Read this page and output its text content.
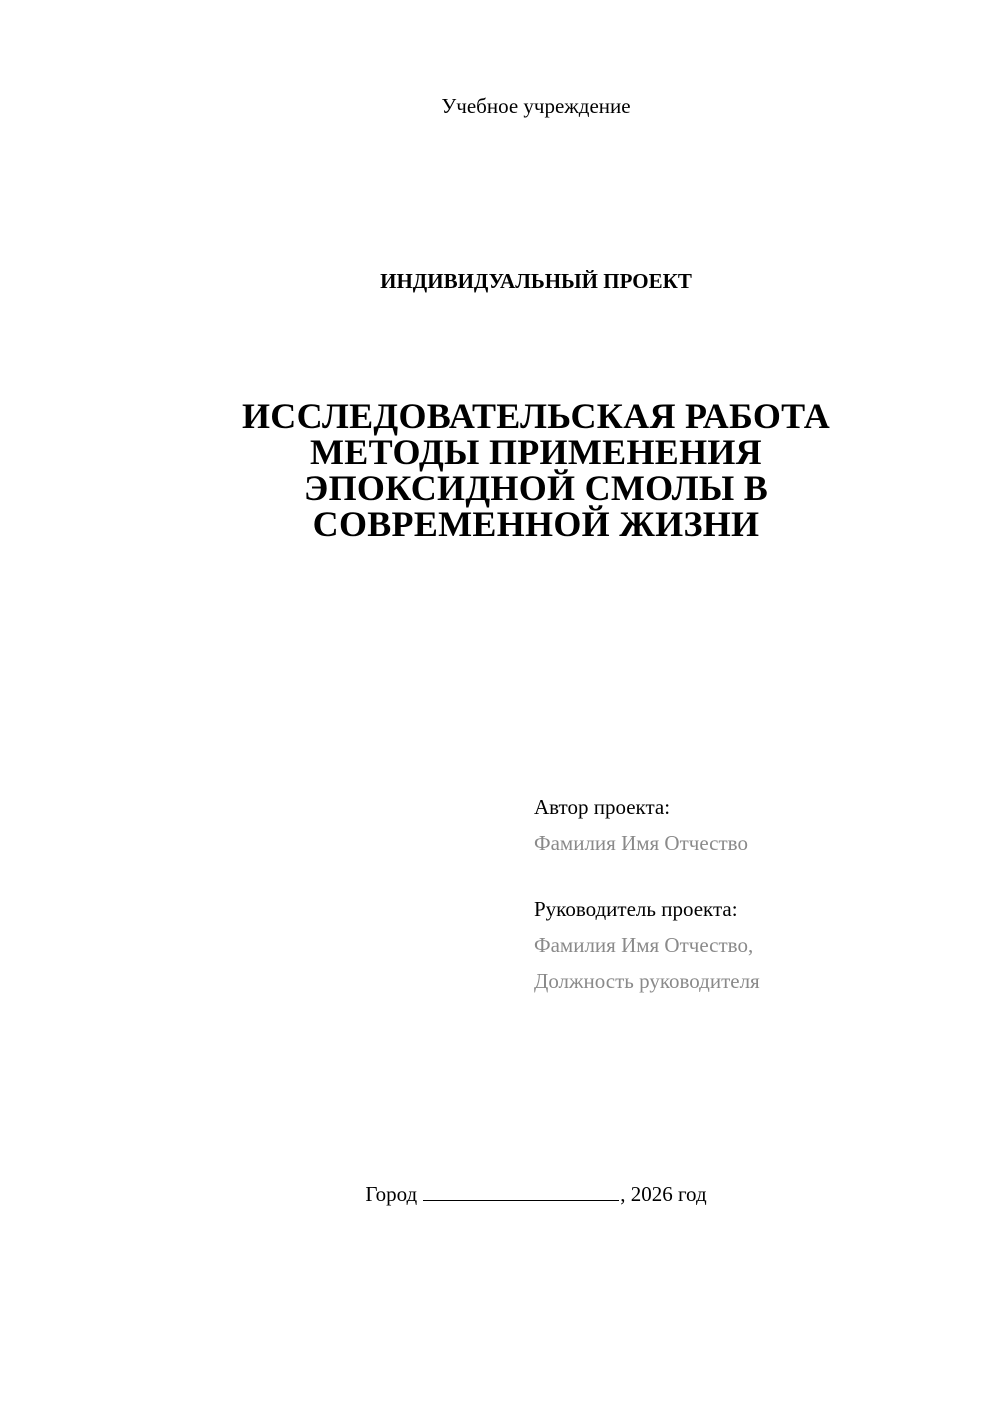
Учебное учреждение
ИНДИВИДУАЛЬНЫЙ ПРОЕКТ
ИССЛЕДОВАТЕЛЬСКАЯ РАБОТА
МЕТОДЫ ПРИМЕНЕНИЯ
ЭПОКСИДНОЙ СМОЛЫ В
СОВРЕМЕННОЙ ЖИЗНИ
Автор проекта:
Фамилия Имя Отчество
Руководитель проекта:
Фамилия Имя Отчество,
Должность руководителя
Город	, 2026 год
